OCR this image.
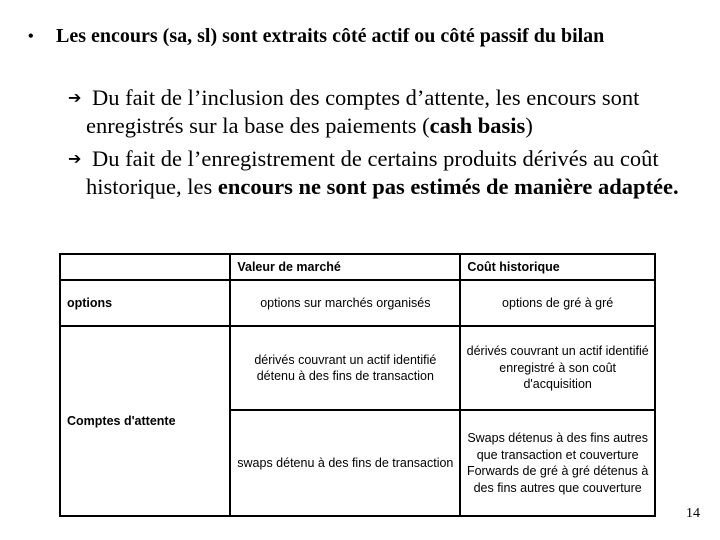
• Les encours (sa, sl) sont extraits côté actif ou côté passif du bilan
➔ Du fait de l’inclusion des comptes d’attente, les encours sont enregistrés sur la base des paiements (cash basis)
➔ Du fait de l’enregistrement de certains produits dérivés au coût historique, les encours ne sont pas estimés de manière adaptée.
	Valeur de marché	Coût historique
options	options sur marchés organisés	options de gré à gré
Comptes d'attente	dérivés couvrant un actif identifié détenu à des fins de transaction	dérivés couvrant un actif identifié enregistré à son coût d'acquisition
	swaps détenu à des fins de transaction	Swaps détenus à des fins autres que transaction et couverture
Forwards de gré à gré détenus à des fins autres que couverture
14
